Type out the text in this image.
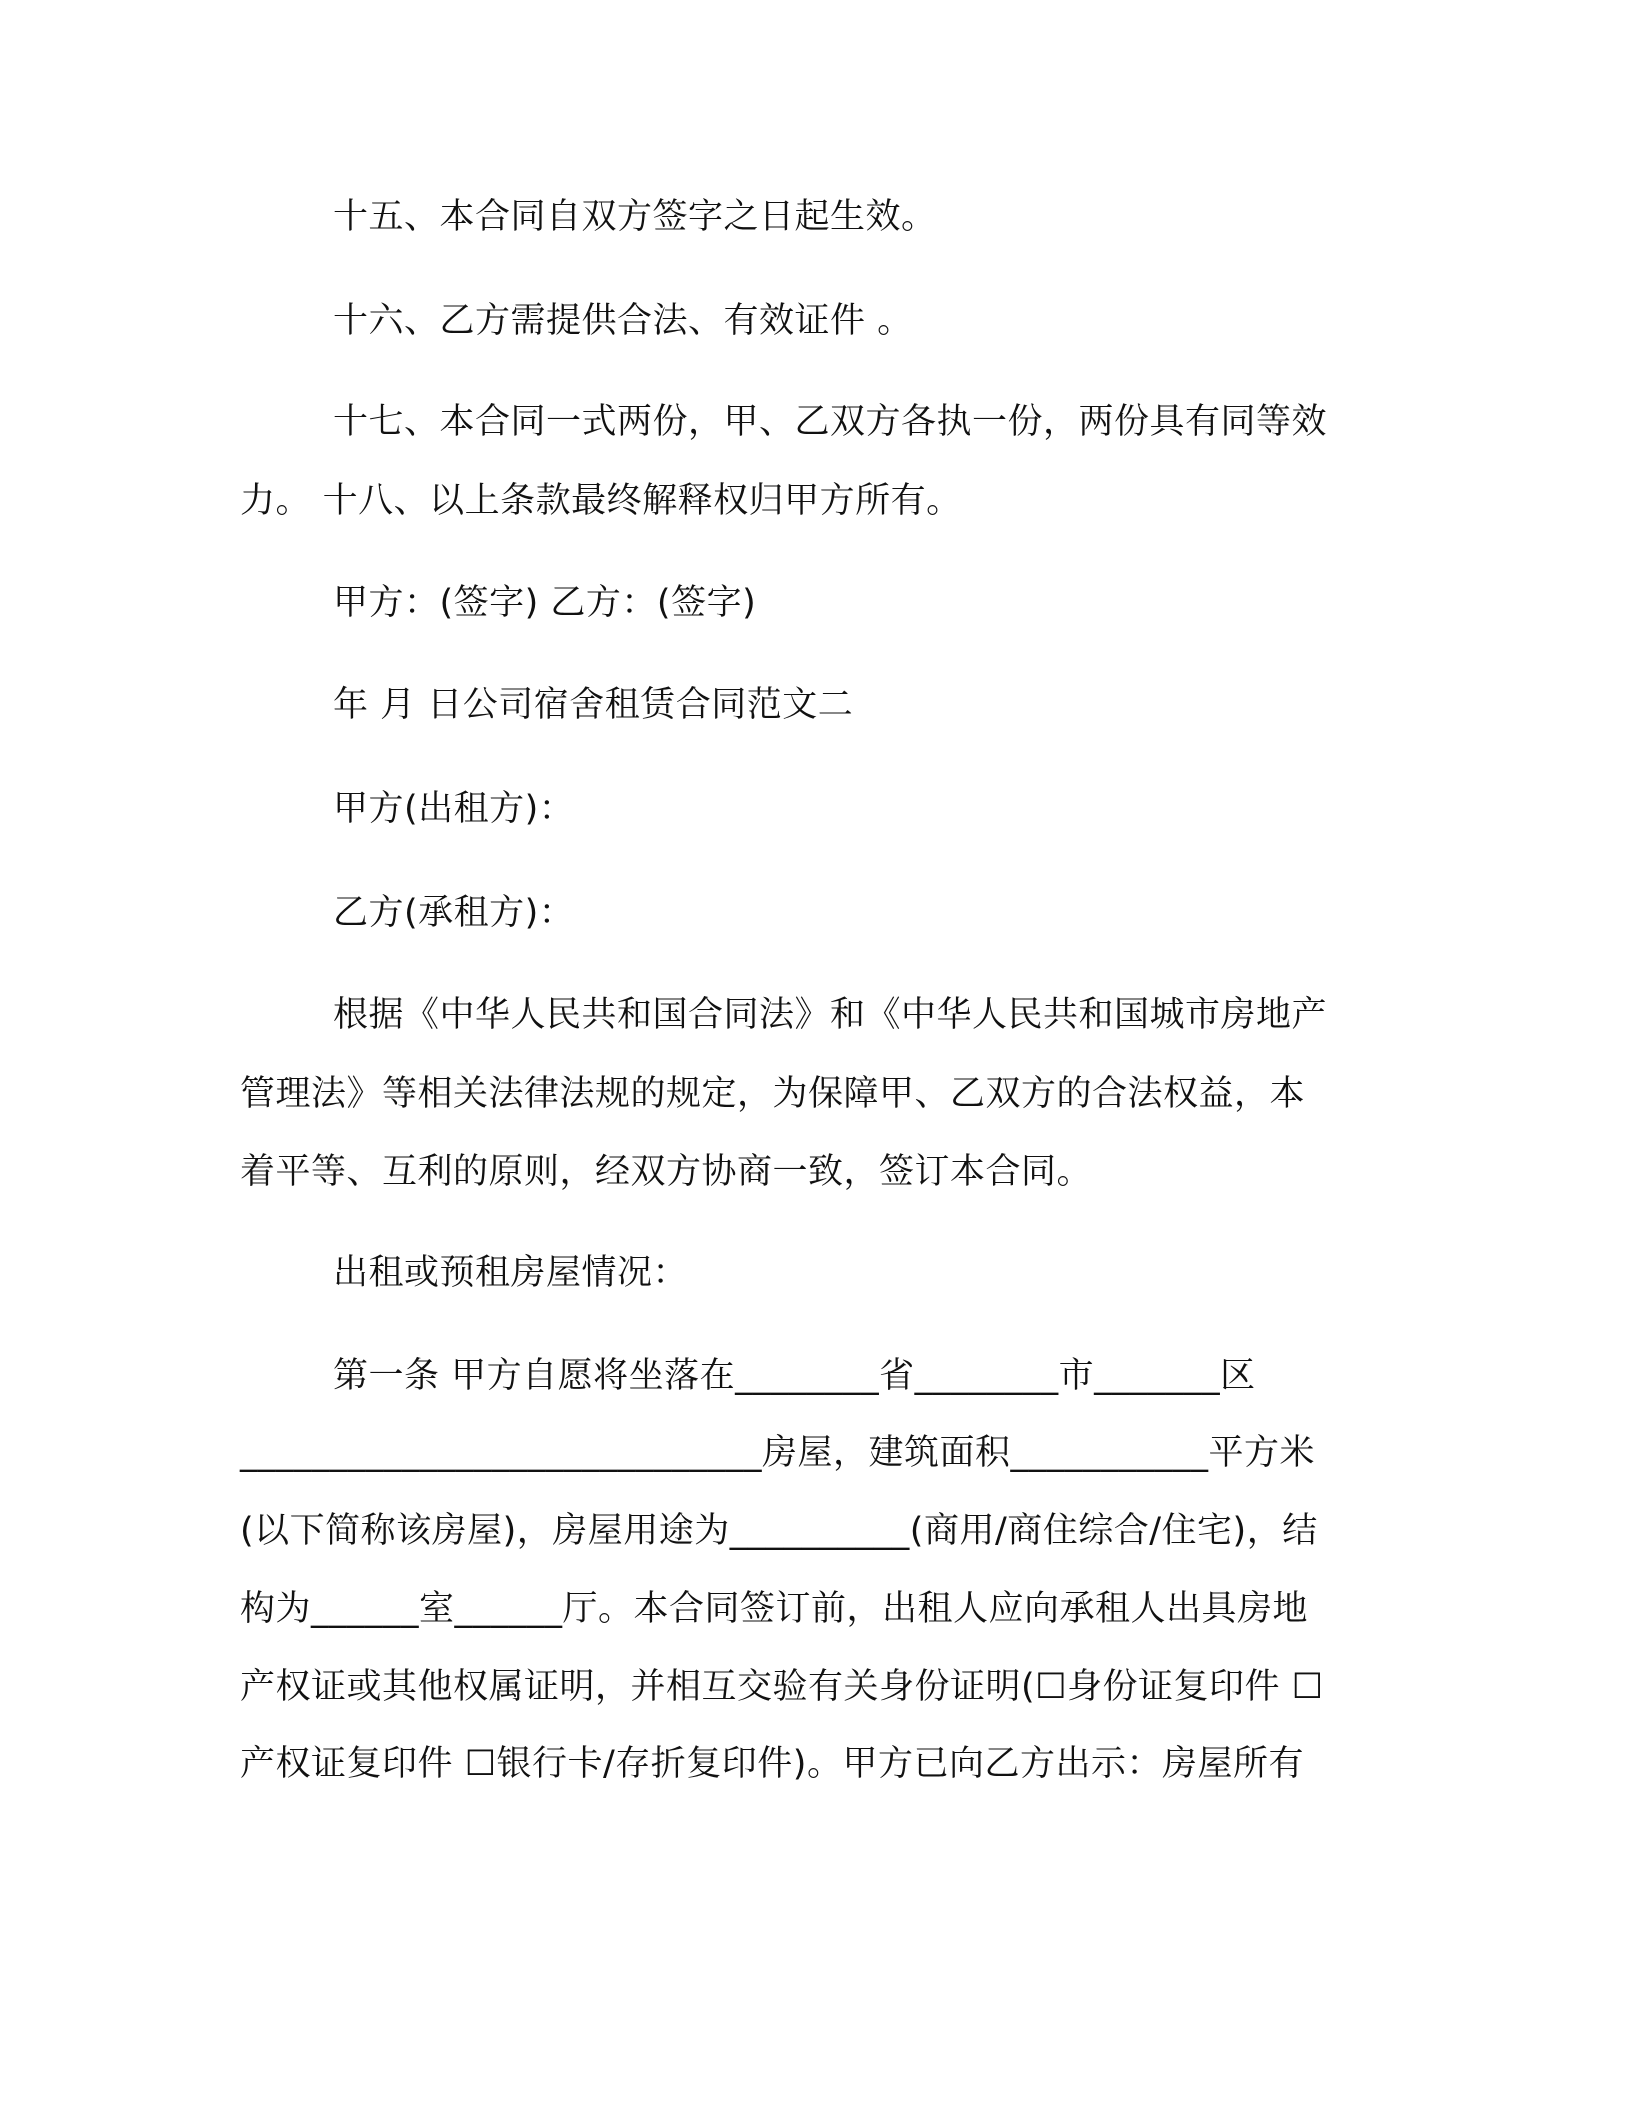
十五、本合同自双方签字之日起生效。
十六、乙方需提供合法、有效证件 。
十七、本合同一式两份，甲、乙双方各执一份，两份具有同等效
力。 十八、以上条款最终解释权归甲方所有。
甲方：(签字) 乙方：(签字)
年 月 日公司宿舍租赁合同范文二
甲方(出租方)：
乙方(承租方)：
根据《中华人民共和国合同法》和《中华人民共和国城市房地产
管理法》等相关法律法规的规定，为保障甲、乙双方的合法权益，本
着平等、互利的原则，经双方协商一致，签订本合同。
出租或预租房屋情况：
第一条 甲方自愿将坐落在________省________市_______区
_____________________________房屋，建筑面积___________平方米
(以下简称该房屋)，房屋用途为__________(商用/商住综合/住宅)，结
构为______室______厅。本合同签订前，出租人应向承租人出具房地
产权证或其他权属证明，并相互交验有关身份证明(☐身份证复印件 ☐
产权证复印件 ☐银行卡/存折复印件)。甲方已向乙方出示：房屋所有
